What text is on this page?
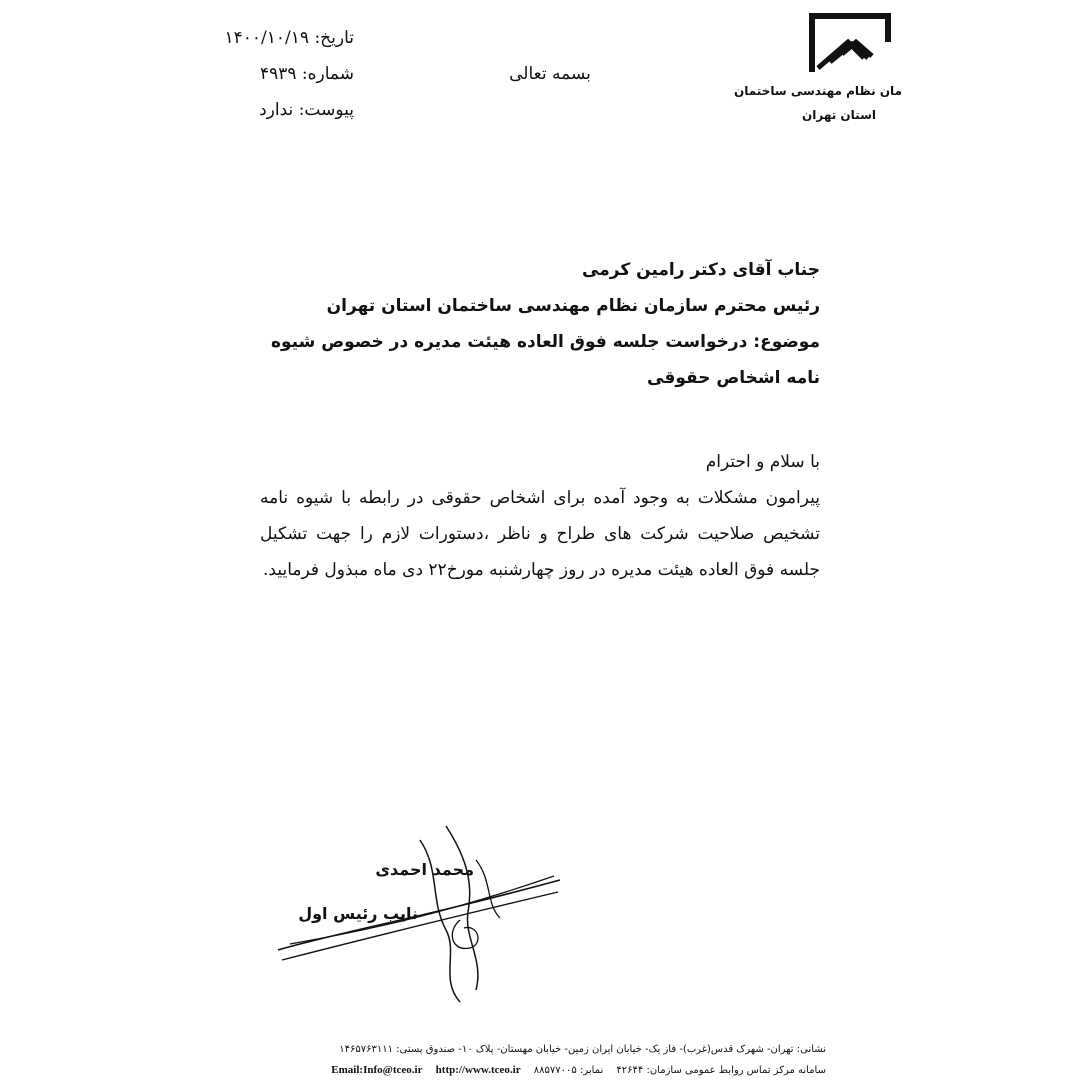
مان نظام مهندسی ساختمان
استان تهران
بسمه تعالی
تاریخ: ۱۴۰۰/۱۰/۱۹
شماره: ۴۹۳۹
پیوست: ندارد
جناب آقای دکتر رامین کرمی
رئیس محترم سازمان نظام مهندسی ساختمان استان تهران
موضوع: درخواست جلسه فوق العاده هیئت مدیره در خصوص شیوه نامه اشخاص حقوقی

با سلام و احترام

پیرامون مشکلات به وجود آمده برای اشخاص حقوقی در رابطه با شیوه نامه تشخیص صلاحیت شرکت های طراح و ناظر ،دستورات لازم را جهت تشکیل جلسه فوق العاده هیئت مدیره در روز چهارشنبه مورخ۲۲ دی ماه مبذول فرمایید.

محمد احمدی
نایب رئیس اول
نشانی: تهران- شهرک قدس(غرب)- فاز یک- خیابان ایران زمین- خیابان مهستان- پلاک ۱۰- صندوق پستی: ۱۴۶۵۷۶۳۱۱۱
سامانه مرکز تماس روابط عمومی سازمان: ۴۲۶۴۴ نمابر: ۸۸۵۷۷۰۰۵ Email:Info@tceo.ir http://www.tceo.ir
